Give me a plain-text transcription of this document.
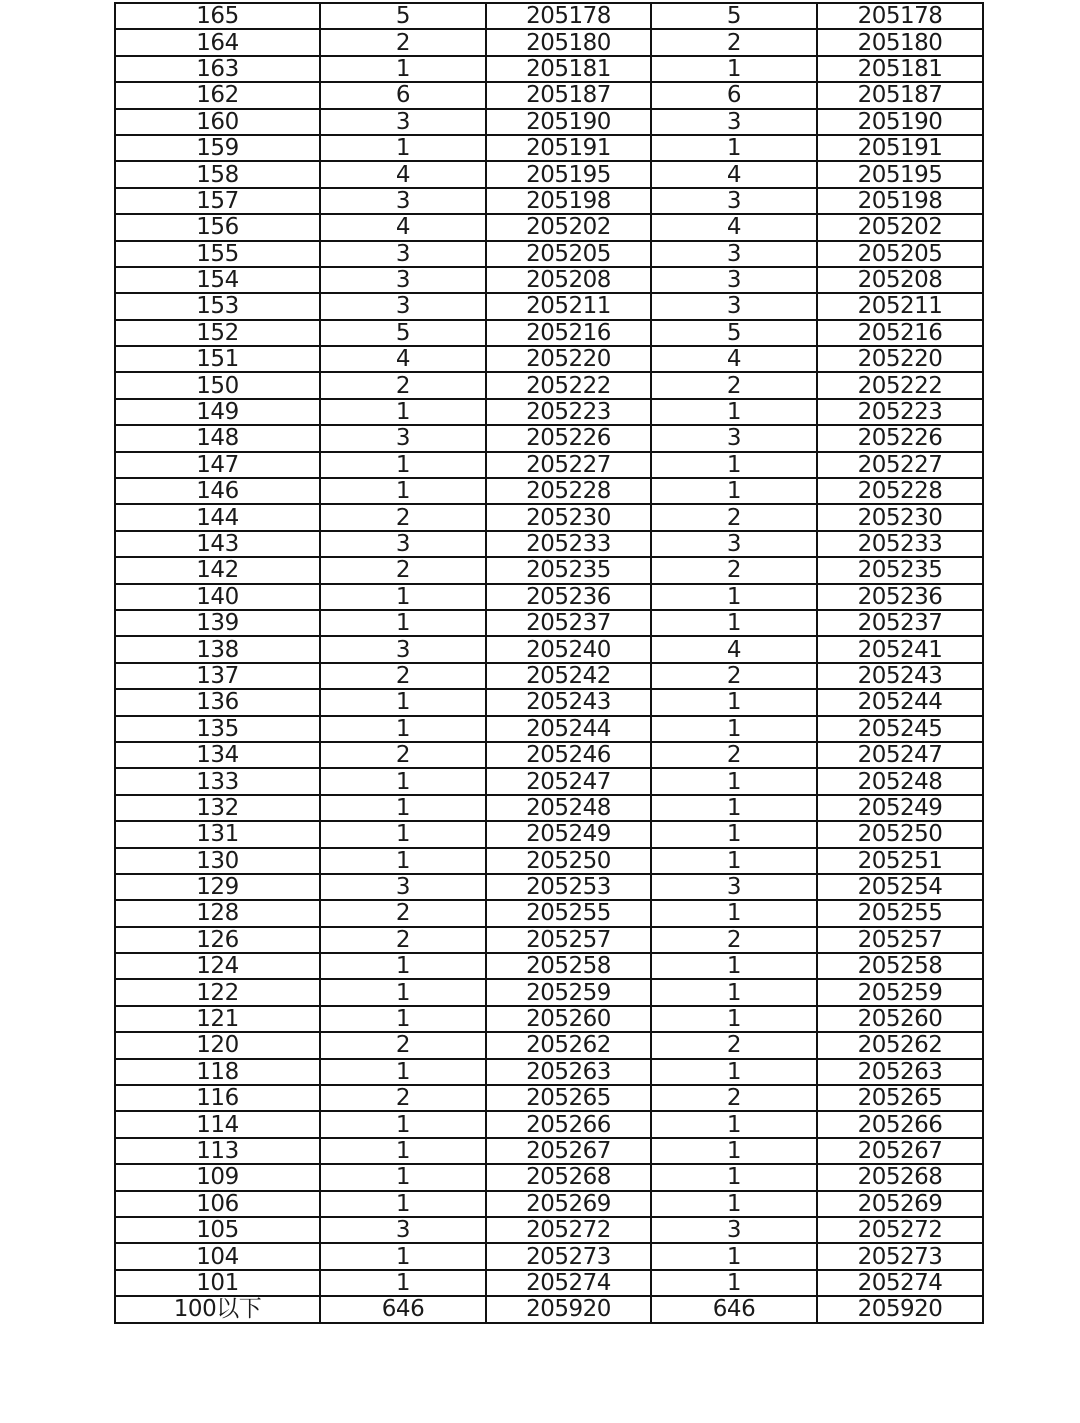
165	5	205178	5	205178
164	2	205180	2	205180
163	1	205181	1	205181
162	6	205187	6	205187
160	3	205190	3	205190
159	1	205191	1	205191
158	4	205195	4	205195
157	3	205198	3	205198
156	4	205202	4	205202
155	3	205205	3	205205
154	3	205208	3	205208
153	3	205211	3	205211
152	5	205216	5	205216
151	4	205220	4	205220
150	2	205222	2	205222
149	1	205223	1	205223
148	3	205226	3	205226
147	1	205227	1	205227
146	1	205228	1	205228
144	2	205230	2	205230
143	3	205233	3	205233
142	2	205235	2	205235
140	1	205236	1	205236
139	1	205237	1	205237
138	3	205240	4	205241
137	2	205242	2	205243
136	1	205243	1	205244
135	1	205244	1	205245
134	2	205246	2	205247
133	1	205247	1	205248
132	1	205248	1	205249
131	1	205249	1	205250
130	1	205250	1	205251
129	3	205253	3	205254
128	2	205255	1	205255
126	2	205257	2	205257
124	1	205258	1	205258
122	1	205259	1	205259
121	1	205260	1	205260
120	2	205262	2	205262
118	1	205263	1	205263
116	2	205265	2	205265
114	1	205266	1	205266
113	1	205267	1	205267
109	1	205268	1	205268
106	1	205269	1	205269
105	3	205272	3	205272
104	1	205273	1	205273
101	1	205274	1	205274
100以下	646	205920	646	205920
